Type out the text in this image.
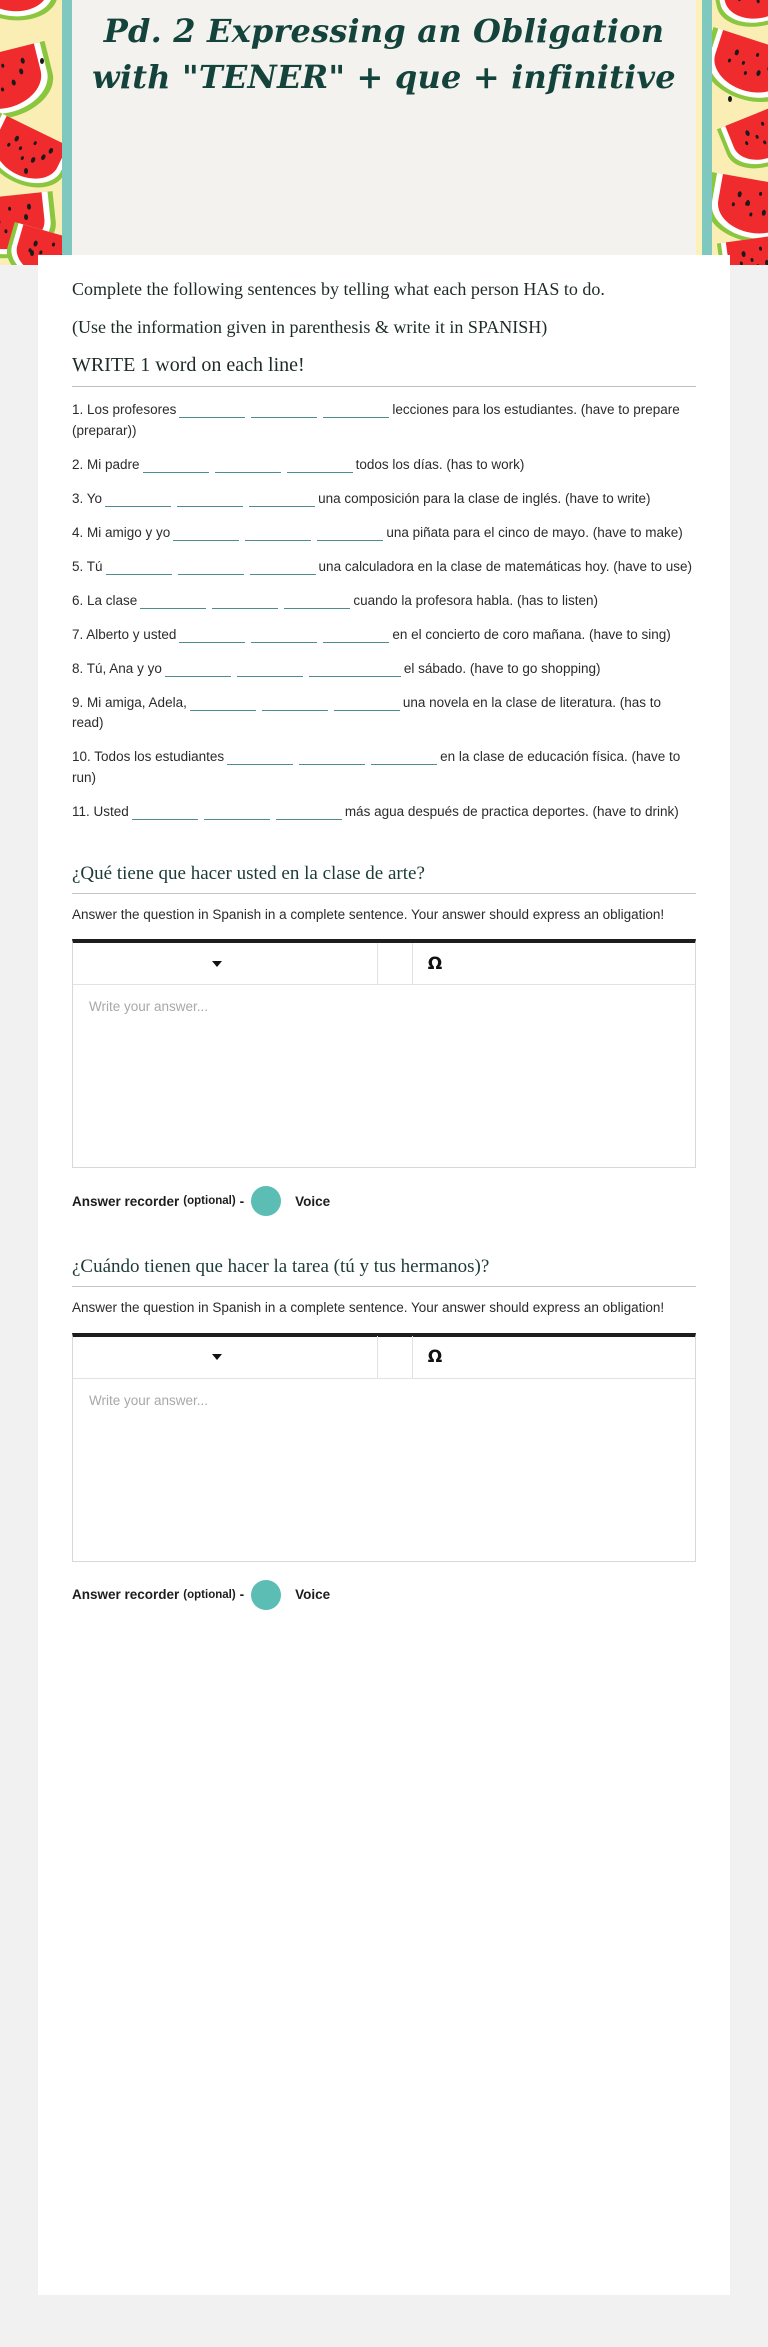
Pd. 2 Expressing an Obligation with "TENER" + que + infinitive

Complete the following sentences by telling what each person HAS to do.

(Use the information given in parenthesis & write it in SPANISH)

WRITE 1 word on each line!

1. Los profesores	lecciones para los estudiantes. (have to prepare (preparar))

2. Mi padre	todos los días. (has to work)

3. Yo	una composición para la clase de inglés. (have to write)

4. Mi amigo y yo	una piñata para el cinco de mayo. (have to make)

5. Tú	una calculadora en la clase de matemáticas hoy. (have to use)

6. La clase	cuando la profesora habla. (has to listen)

7. Alberto y usted	en el concierto de coro mañana. (have to sing)

8. Tú, Ana y yo	el sábado. (have to go shopping)

9. Mi amiga, Adela,	una novela en la clase de literatura. (has to read)

10. Todos los estudiantes	en la clase de educación física. (have to run)

11. Usted	más agua después de practica deportes. (have to drink)

¿Qué tiene que hacer usted en la clase de arte?

Answer the question in Spanish in a complete sentence. Your answer should express an obligation!

Ω
Write your answer...
Answer recorder (optional) -	Voice

¿Cuándo tienen que hacer la tarea (tú y tus hermanos)?

Answer the question in Spanish in a complete sentence. Your answer should express an obligation!

Ω
Write your answer...
Answer recorder (optional) -	Voice
